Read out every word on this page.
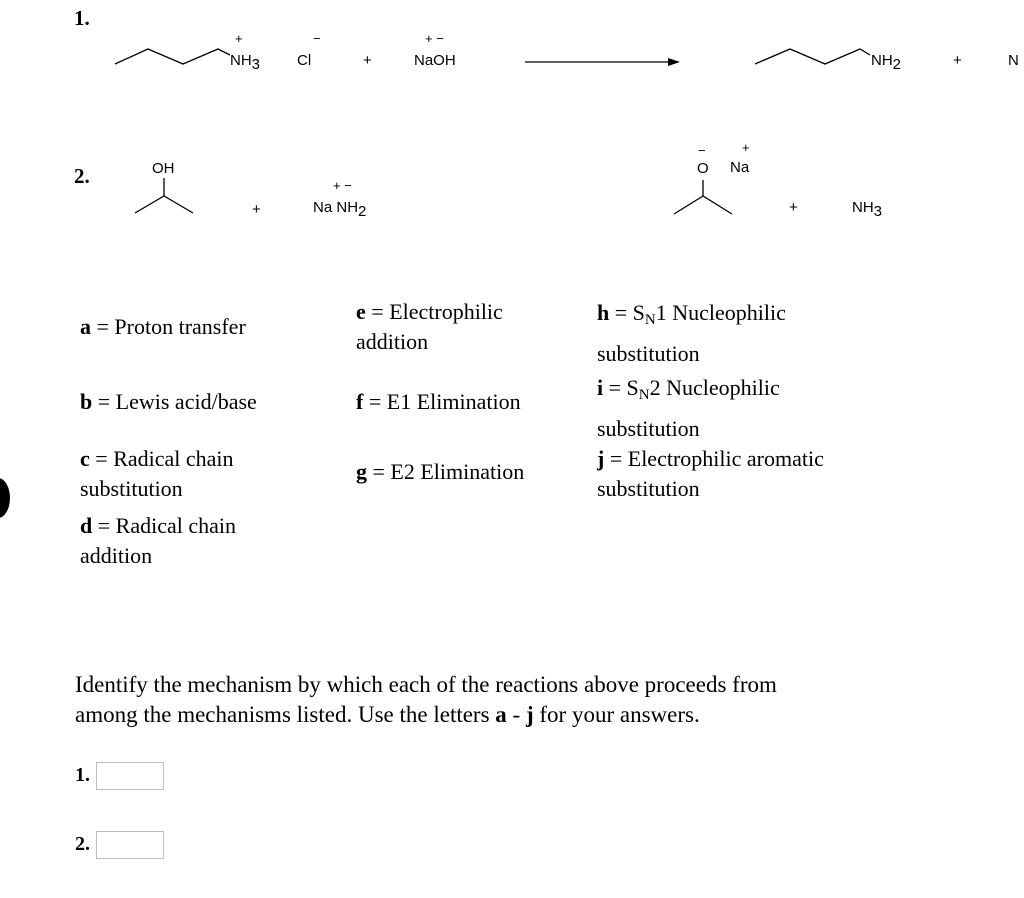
1.
+
NH3
−
Cl	+
+ −
NaOH	NH2	+	N
2.	OH
+
+ −
Na NH2
−
O
+
Na
+	NH3
a = Proton transfer
b = Lewis acid/base
c = Radical chain
substitution
d = Radical chain
addition
e = Electrophilic
addition
f = E1 Elimination
g = E2 Elimination
h = SN1 Nucleophilic
substitution
i = SN2 Nucleophilic
substitution
j = Electrophilic aromatic
substitution
Identify the mechanism by which each of the reactions above proceeds from
among the mechanisms listed. Use the letters a - j for your answers.
1.
2.
